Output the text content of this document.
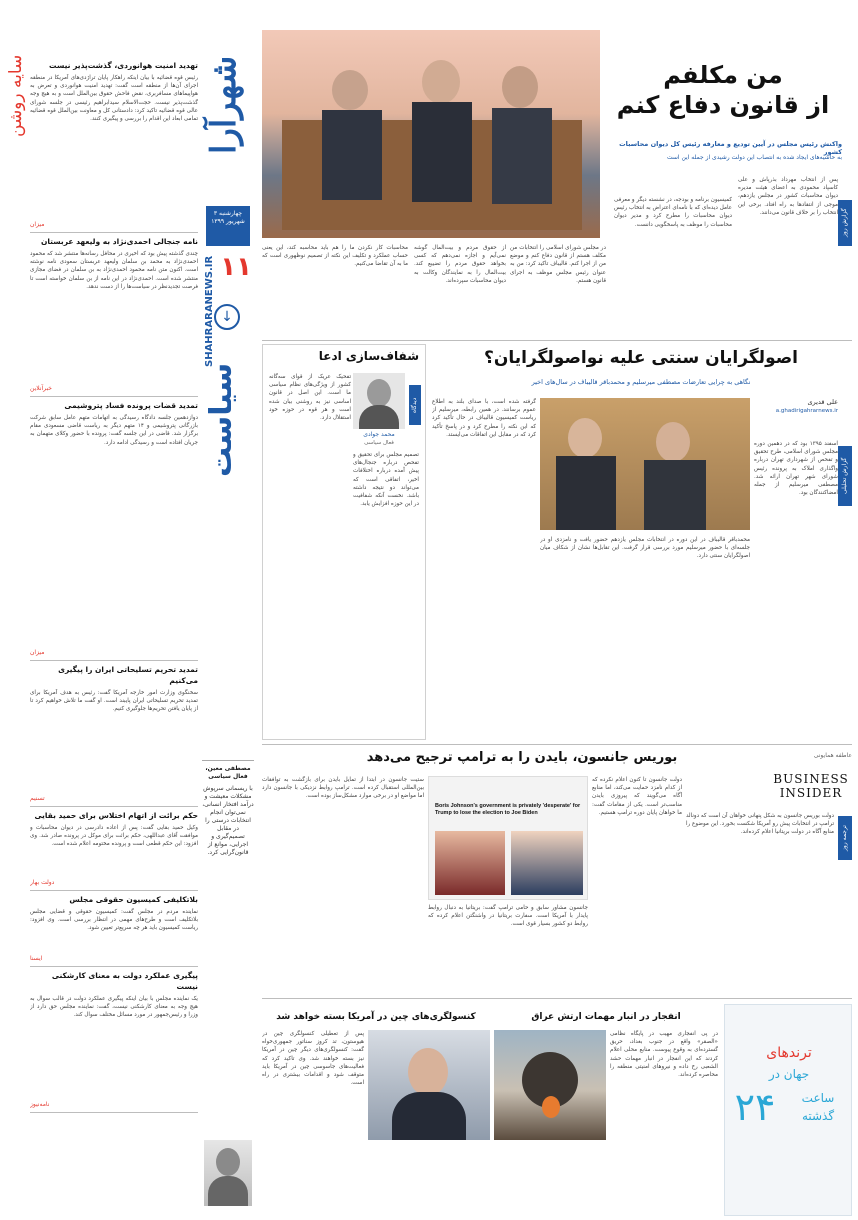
سایه روشن	تهدید امنیت هوانوردی، گذشت‌پذیر نیست
رئیس قوه قضائیه با بیان اینکه راهکار پایان تراژدی‌های آمریکا در منطقه اجرای آن‌ها از منطقه است گفت: تهدید امنیت هوانوردی و تعرض به هواپیماهای مسافربری، نقض فاحش حقوق بین‌الملل است و به هیچ وجه گذشت‌پذیر نیست. حجت‌الاسلام سیدابراهیم رئیسی در جلسه شورای عالی قوه قضائیه تاکید کرد: دادستانی کل و معاونت بین‌الملل قوه قضائیه تمامی ابعاد این اقدام را بررسی و پیگیری کنند.
میزان
نامه جنجالی احمدی‌نژاد به ولیعهد عربستان
چندی گذشته پیش بود که اخیری در محافل رسانه‌ها منتشر شد که محمود احمدی‌نژاد به محمد بن سلمان ولیعهد عربستان سعودی نامه نوشته است. اکنون متن نامه محمود احمدی‌نژاد به بن سلمان در فضای مجازی منتشر شده است. احمدی‌نژاد در این نامه از بن سلمان خواسته است تا فرصت تجدیدنظر در سیاست‌ها را از دست ندهد.
خبرآنلاین
تمدید قضات پرونده فساد پتروشیمی
دوازدهمین جلسه دادگاه رسیدگی به اتهامات متهم عامل سابق شرکت بازرگانی پتروشیمی و ۱۴ متهم دیگر به ریاست قاضی مسعودی مقام برگزار شد. قاضی در این جلسه گفت: پرونده با حضور وکلای متهمان به جریان افتاده است و رسیدگی ادامه دارد.
میزان
تمدید تحریم تسلیحاتی ایران را پیگیری می‌کنیم
سخنگوی وزارت امور خارجه آمریکا گفت: رئیس به هدف آمریکا برای تمدید تحریم تسلیحاتی ایران پایبند است. او گفت ما تلاش خواهیم کرد تا از پایان یافتن تحریم‌ها جلوگیری کنیم.
تسنیم
حکم برائت از اتهام اختلاس برای حمید بقایی
وکیل حمید بقایی گفت: پس از اعاده دادرسی در دیوان محاسبات و موافقت آقای عبداللهی، حکم برائت برای موکل در پرونده صادر شد. وی افزود: این حکم قطعی است و پرونده مختومه اعلام شده است.
دولت بهار
بلاتکلیفی کمیسیون حقوقی مجلس
نماینده مردم در مجلس گفت: کمیسیون حقوقی و قضایی مجلس بلاتکلیف است و طرح‌های مهمی در انتظار بررسی است. وی افزود: ریاست کمیسیون باید هر چه سریع‌تر تعیین شود.
ایسنا
پیگیری عملکرد دولت به معنای کارشکنی نیست
یک نماینده مجلس با بیان اینکه پیگیری عملکرد دولت در قالب سوال به هیچ وجه به معنای کارشکنی نیست، گفت: نماینده مجلس حق دارد از وزرا و رئیس‌جمهور در مورد مسائل مختلف سوال کند.
نامه‌نیوز
شهرآرا
چهارشنبه ۳ شهریور ۱۳۹۹
SHAHRARANEWS.IR ۱۱
↓
سیاست
مصطفی معین، فعال سیاسی
با ریسمانی سرپوش مشکلات معیشت و درآمد افتخار انسانی، نمی‌توان انجام انتخابات درستی را در مقابل تصمیم‌گیری و اجرایی، موانع از قانون‌گرایی کرد.
من مکلفم
از قانون دفاع کنم
واکنش رئیس مجلس در آیین تودیع و معارفه رئیس کل دیوان محاسبات کشور
به حاشیه‌های ایجاد شده به انتصاب این دولت رشیدی از جمله این است
گزارش روز
پس از انتخاب مهرداد بذرپاش و علی کاسپاد محمودی به اعضای هیئت مدیره دیوان محاسبات کشور در مجلس یازدهم، موجی از انتقادها به راه افتاد. برخی این انتخاب را بر خلاف قانون می‌دانند.
کمیسیون برنامه و بودجه، در نشسته دیگر و معرفی عامل دیده‌ای که با نامه‌ای اعتراض به انتخاب رئیس دیوان محاسبات را مطرح کرد و مدیر دیوان محاسبات را موظف به پاسخگویی دانست.
در مجلس شورای اسلامی را انتخابات من مکلف هستم از قانون دفاع کنم و موضع من از اجرا کنم. قالیباف تاکید کرد: من به عنوان رئیس مجلس موظف به اجرای قانون هستم.
از حقوق مردم و بیت‌المال گوشه نمی‌آیم و اجازه نمی‌دهم که کسی بخواهد حقوق مردم را تضییع کند. بیت‌المال را به نمایندگان وکالت به دیوان محاسبات سپرده‌اند.
محاسبات کار نکردن ما را هم باید محاسبه کند، این یعنی حساب عملکرد و تکلیف این نکته از تصمیم نوظهوری است که ما به آن تقاضا می‌کنیم.
اصولگرایان سنتی علیه نواصولگرایان؟
نگاهی به چرایی تعارضات مصطفی میرسلیم و محمدباقر قالیباف در سال‌های اخیر
علی قدیری
a.ghadirigahrarnews.ir
گزارش تحلیلی
اسفند ۱۳۹۵ بود که در دهمین دوره مجلس شورای اسلامی، طرح تحقیق و تفحص از شهرداری تهران درباره واگذاری املاک به پرونده رئیس شورای شهر تهران ارائه شد. مصطفی میرسلیم از جمله امضاکنندگان بود.
محمدباقر قالیباف در این دوره در انتخابات مجلس یازدهم حضور یافت و نامزدی او در جلسه‌ای با حضور میرسلیم مورد بررسی قرار گرفت. این تقابل‌ها نشان از شکاف میان اصولگرایان سنتی دارد.
گرفته شده است، با صدای بلند به اطلاع عموم برسانند. در همین رابطه، میرسلیم از ریاست کمیسیون قالیباف در حال تأکید کرد که این نکته را مطرح کرد و در پاسخ تأکید کرد که در مقابل این اتفاقات می‌ایستد.
شفاف‌سازی ادعا
دیدگاه
محمد جوادی
فعال سیاسی
تفحیک عریک از قوای سه‌گانه کشور از ویژگی‌های نظام سیاسی ما است. این اصل در قانون اساسی نیز به روشنی بیان شده است و هر قوه در حوزه خود استقلال دارد.
تصمیم مجلس برای تحقیق و تفحص درباره جنجال‌های پیش آمده درباره اختلافات اخیر، اتفاقی است که می‌تواند دو نتیجه داشته باشد. نخست آنکه شفافیت در این حوزه افزایش یابد.
بوریس جانسون، بایدن را به ترامپ ترجیح می‌دهد	عاطفه همایونی
BUSINESS
INSIDER
ترجمه روز
Boris Johnson's government is privately 'desperate' for Trump to lose the election to Joe Biden	دولت بوریس جانسون به شکل پنهانی خواهان آن است که دونالد ترامپ در انتخابات پیش رو آمریکا شکست بخورد. این موضوع را منابع آگاه در دولت بریتانیا اعلام کرده‌اند.
دولت جانسون تا کنون اعلام نکرده که از کدام نامزد حمایت می‌کند، اما منابع آگاه می‌گویند که پیروزی بایدن مناسب‌تر است. یکی از مقامات گفت: ما خواهان پایان دوره ترامپ هستیم.
جانسون مشاور سابق و حامی ترامپ گفت: بریتانیا به دنبال روابط پایدار با آمریکا است. سفارت بریتانیا در واشنگتن اعلام کرده که روابط دو کشور بسیار قوی است.
ستیت جانسون در ابتدا از تمایل بایدن برای بازگشت به توافقات بین‌المللی استقبال کرده است. ترامپ روابط نزدیکی با جانسون دارد اما مواضع او در برخی موارد مشکل‌ساز بوده است.
ترندهای
جهان در
۲۴	ساعت
گذشته
انفجار در انبار مهمات ارتش عراق
در پی انفجاری مهیب در پایگاه نظامی «الصقر» واقع در جنوب بغداد، حریق گسترده‌ای به وقوع پیوست. منابع محلی اعلام کردند که این انفجار در انبار مهمات حشد الشعبی رخ داده و نیروهای امنیتی منطقه را محاصره کرده‌اند.
کنسولگری‌های چین در آمریکا بسته خواهد شد
پس از تعطیلی کنسولگری چین در هیوستون، تد کروز سناتور جمهوری‌خواه گفت: کنسولگری‌های دیگر چین در آمریکا نیز بسته خواهند شد. وی تاکید کرد که فعالیت‌های جاسوسی چین در آمریکا باید متوقف شود و اقدامات بیشتری در راه است.
